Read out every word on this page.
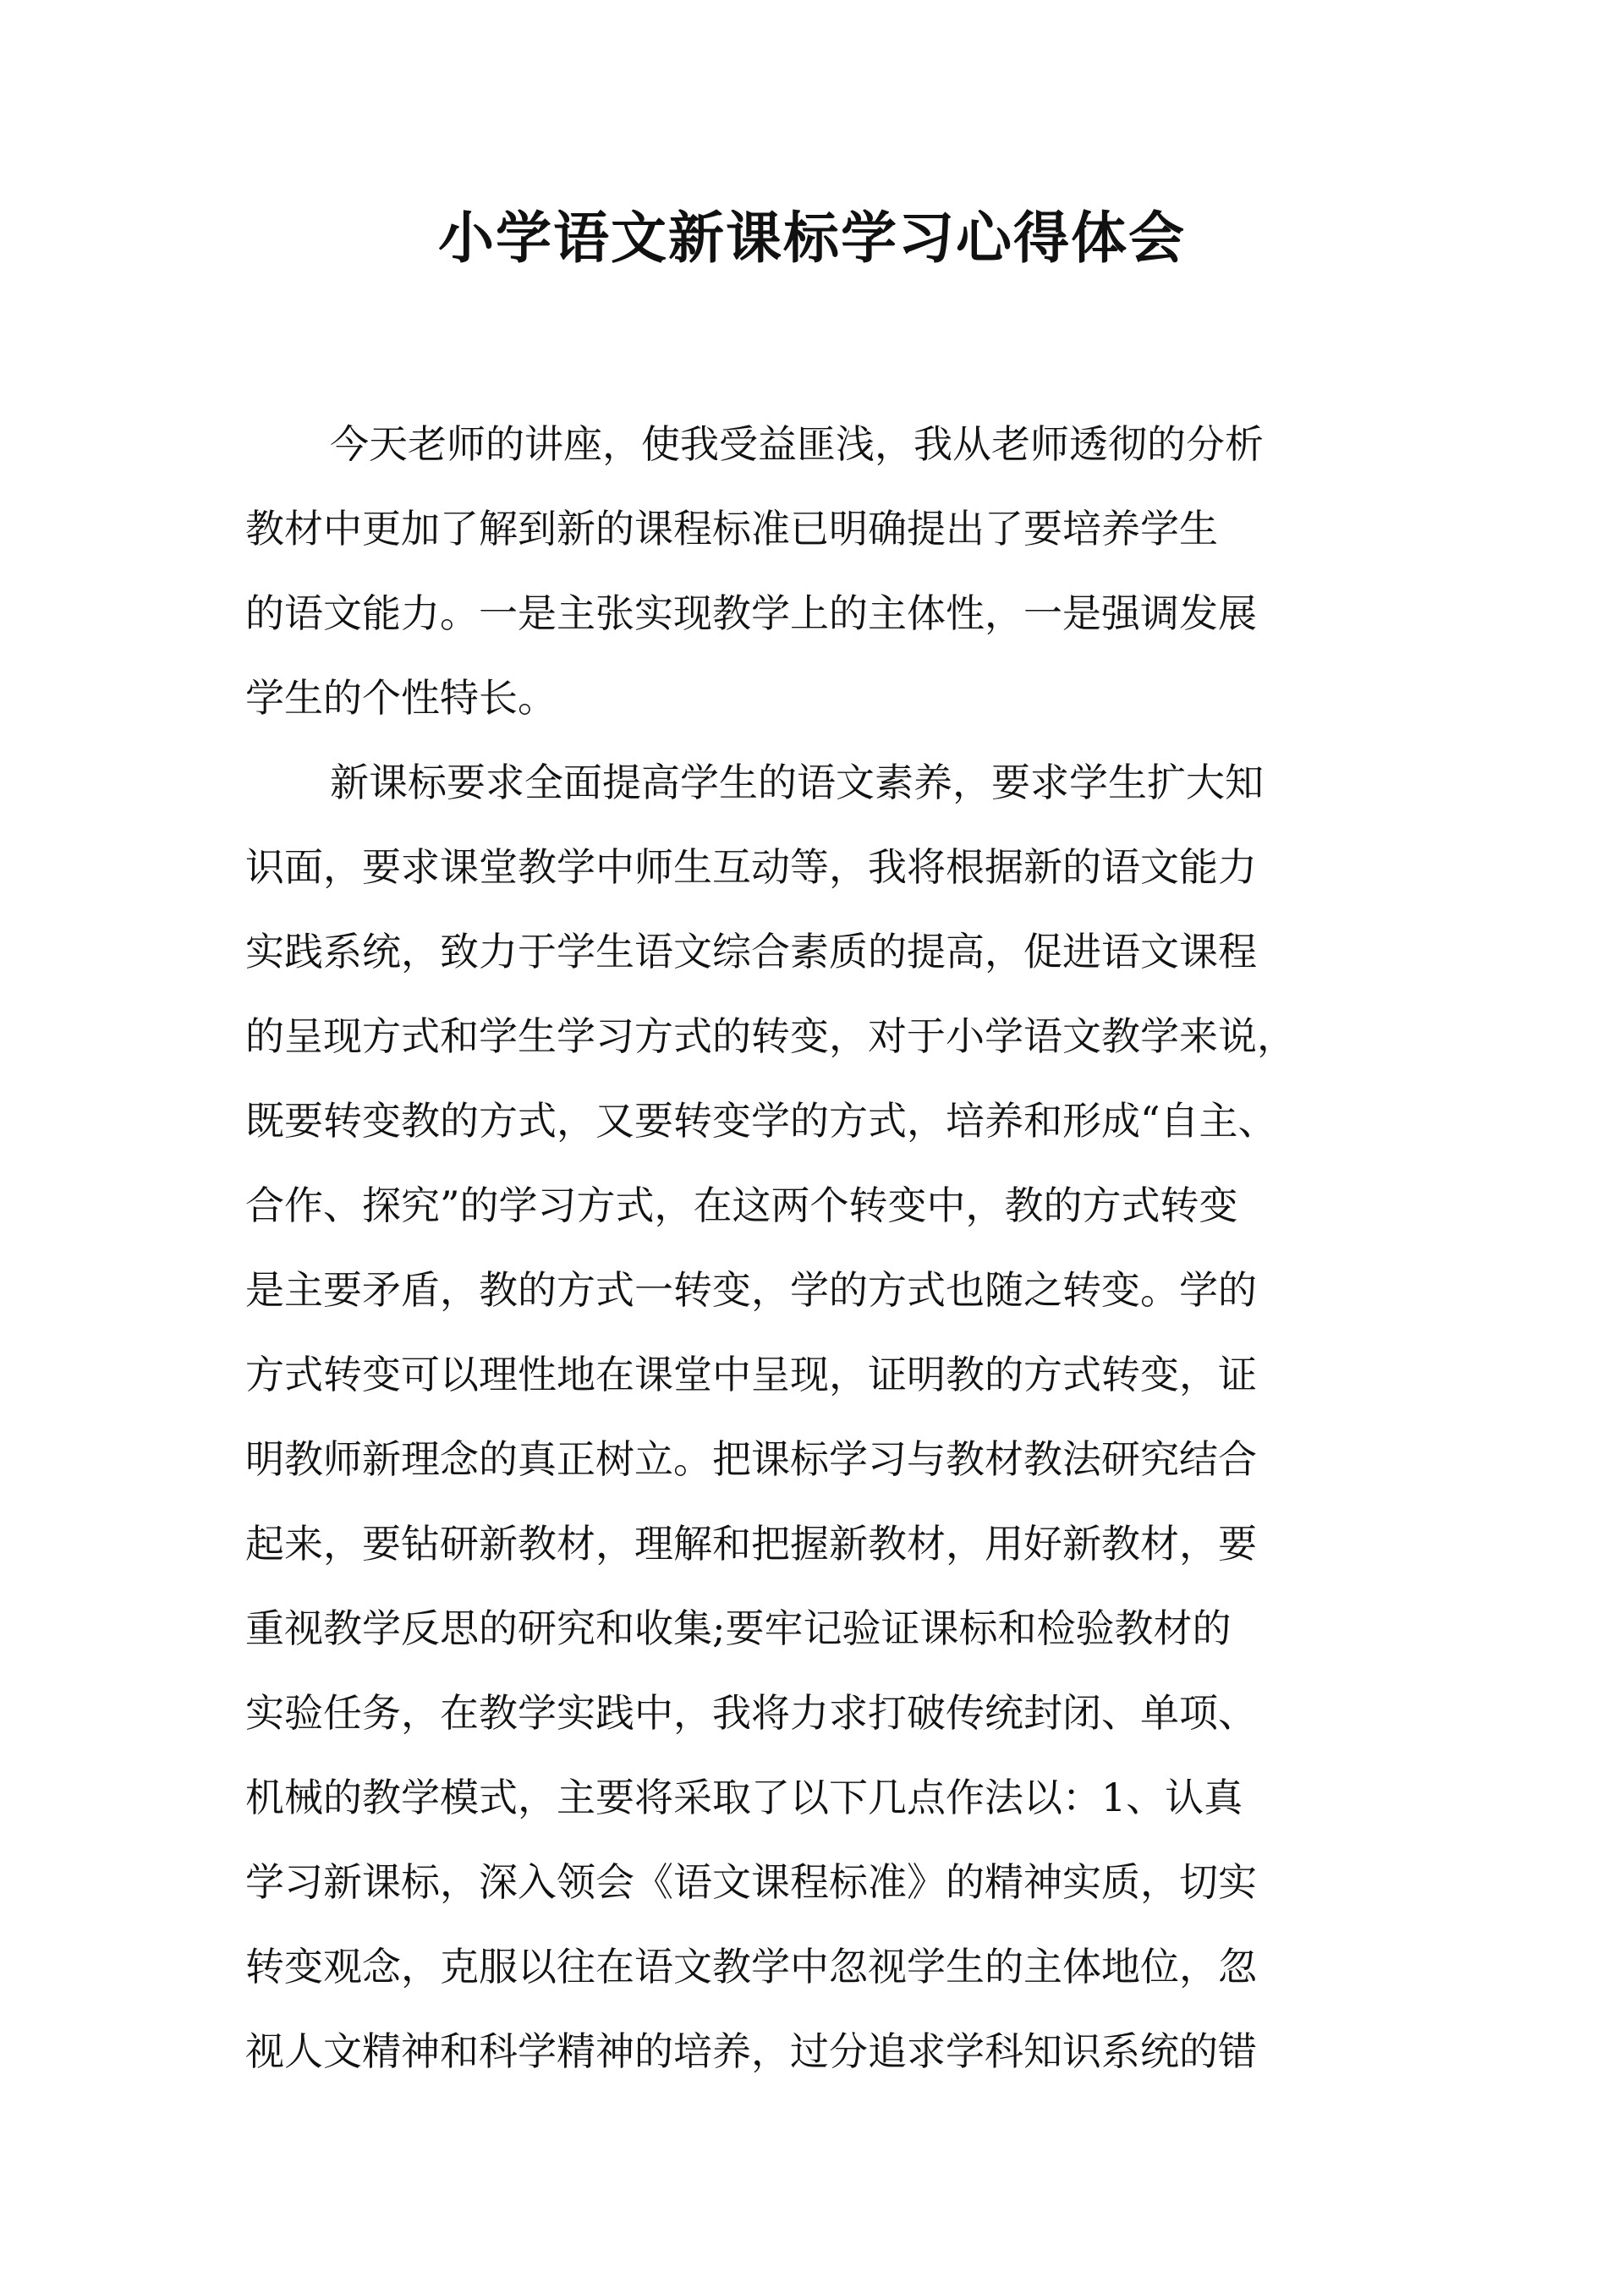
小学语文新课标学习心得体会

今天老师的讲座，使我受益匪浅，我从老师透彻的分析
教材中更加了解到新的课程标准已明确提出了要培养学生
的语文能力。一是主张实现教学上的主体性，一是强调发展
学生的个性特长。

新课标要求全面提高学生的语文素养，要求学生扩大知
识面，要求课堂教学中师生互动等，我将根据新的语文能力
实践系统，致力于学生语文综合素质的提高，促进语文课程
的呈现方式和学生学习方式的转变，对于小学语文教学来说，
既要转变教的方式，又要转变学的方式，培养和形成“自主、
合作、探究”的学习方式，在这两个转变中，教的方式转变
是主要矛盾，教的方式一转变，学的方式也随之转变。学的
方式转变可以理性地在课堂中呈现，证明教的方式转变，证
明教师新理念的真正树立。把课标学习与教材教法研究结合
起来，要钻研新教材，理解和把握新教材，用好新教材，要
重视教学反思的研究和收集;要牢记验证课标和检验教材的
实验任务，在教学实践中，我将力求打破传统封闭、单项、
机械的教学模式，主要将采取了以下几点作法以：1、认真
学习新课标，深入领会《语文课程标准》的精神实质，切实
转变观念，克服以往在语文教学中忽视学生的主体地位，忽
视人文精神和科学精神的培养，过分追求学科知识系统的错
